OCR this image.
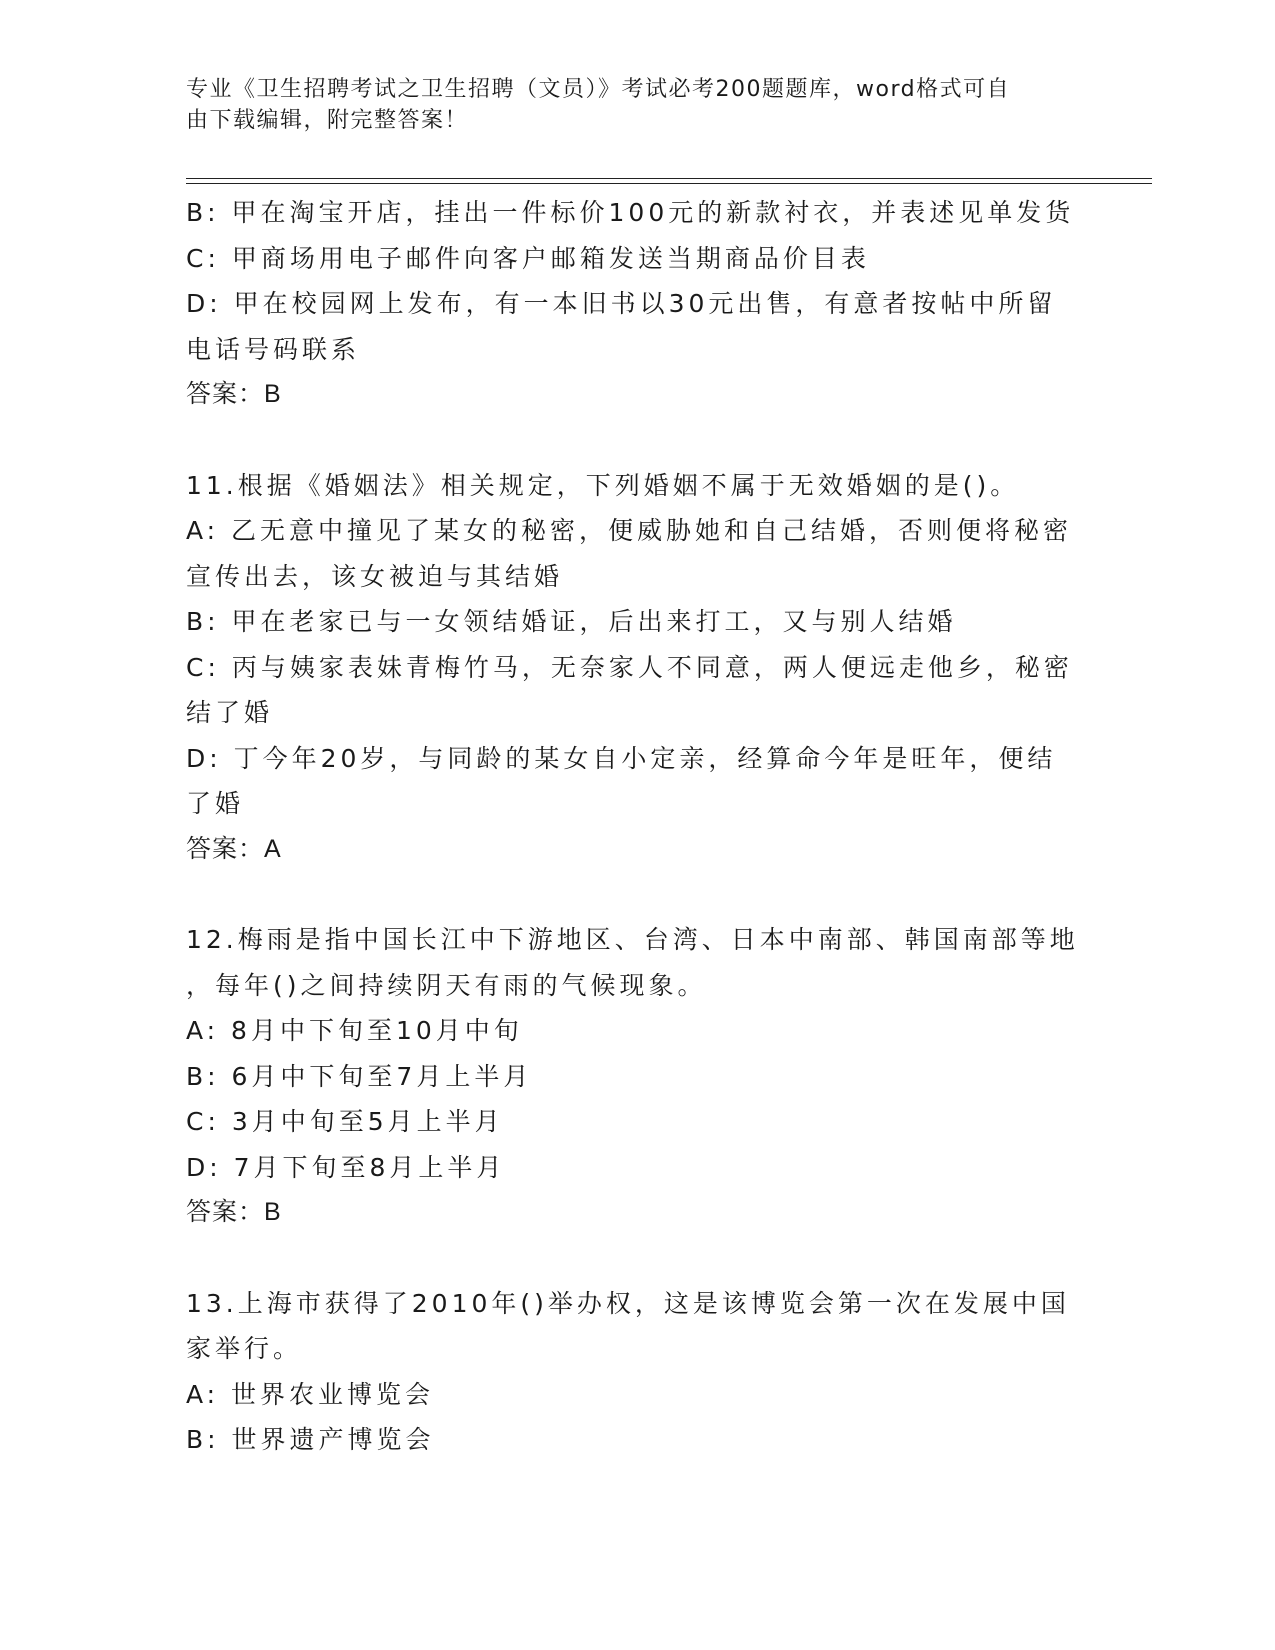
专业《卫生招聘考试之卫生招聘（文员）》考试必考200题题库，word格式可自
由下载编辑，附完整答案！
B: 甲在淘宝开店，挂出一件标价100元的新款衬衣，并表述见单发货
C: 甲商场用电子邮件向客户邮箱发送当期商品价目表
D: 甲在校园网上发布，有一本旧书以30元出售，有意者按帖中所留
电话号码联系
答案：B
11.根据《婚姻法》相关规定，下列婚姻不属于无效婚姻的是()。
A: 乙无意中撞见了某女的秘密，便威胁她和自己结婚，否则便将秘密
宣传出去，该女被迫与其结婚
B: 甲在老家已与一女领结婚证，后出来打工，又与别人结婚
C: 丙与姨家表妹青梅竹马，无奈家人不同意，两人便远走他乡，秘密
结了婚
D: 丁今年20岁，与同龄的某女自小定亲，经算命今年是旺年，便结
了婚
答案：A
12.梅雨是指中国长江中下游地区、台湾、日本中南部、韩国南部等地
，每年()之间持续阴天有雨的气候现象。
A: 8月中下旬至10月中旬
B: 6月中下旬至7月上半月
C: 3月中旬至5月上半月
D: 7月下旬至8月上半月
答案：B
13.上海市获得了2010年()举办权，这是该博览会第一次在发展中国
家举行。
A: 世界农业博览会
B: 世界遗产博览会
